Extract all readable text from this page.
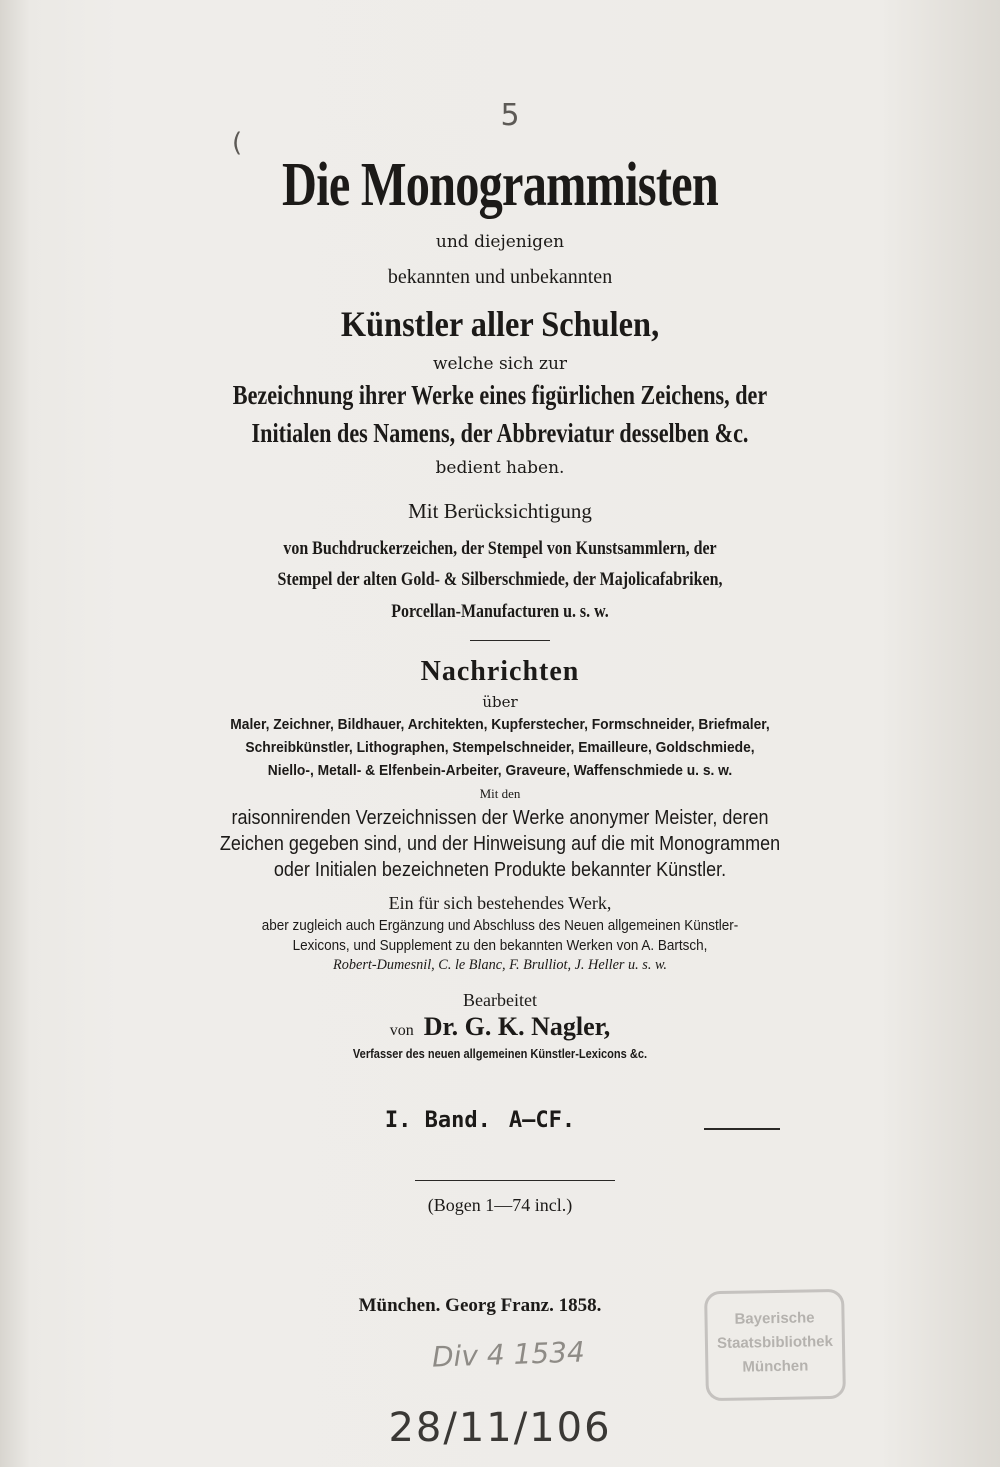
5
(
Die Monogrammisten
und diejenigen
bekannten und unbekannten
Künstler aller Schulen,
welche sich zur
Bezeichnung ihrer Werke eines figürlichen Zeichens, der
Initialen des Namens, der Abbreviatur desselben &c.
bedient haben.
Mit Berücksichtigung
von Buchdruckerzeichen, der Stempel von Kunstsammlern, der
Stempel der alten Gold- & Silberschmiede, der Majolicafabriken,
Porcellan-Manufacturen u. s. w.
Nachrichten
über
Maler, Zeichner, Bildhauer, Architekten, Kupferstecher, Formschneider, Briefmaler,
Schreibkünstler, Lithographen, Stempelschneider, Emailleure, Goldschmiede,
Niello-, Metall- & Elfenbein-Arbeiter, Graveure, Waffenschmiede u. s. w.
Mit den
raisonnirenden Verzeichnissen der Werke anonymer Meister, deren
Zeichen gegeben sind, und der Hinweisung auf die mit Monogrammen
oder Initialen bezeichneten Produkte bekannter Künstler.
Ein für sich bestehendes Werk,
aber zugleich auch Ergänzung und Abschluss des Neuen allgemeinen Künstler-
Lexicons, und Supplement zu den bekannten Werken von A. Bartsch,
Robert-Dumesnil, C. le Blanc, F. Brulliot, J. Heller u. s. w.
Bearbeitet
von Dr. G. K. Nagler,
Verfasser des neuen allgemeinen Künstler-Lexicons &c.
I. Band. A—CF.
(Bogen 1—74 incl.)
München. Georg Franz. 1858.
Bayerische
Staatsbibliothek
München
Div 4 1534
28/11/106
